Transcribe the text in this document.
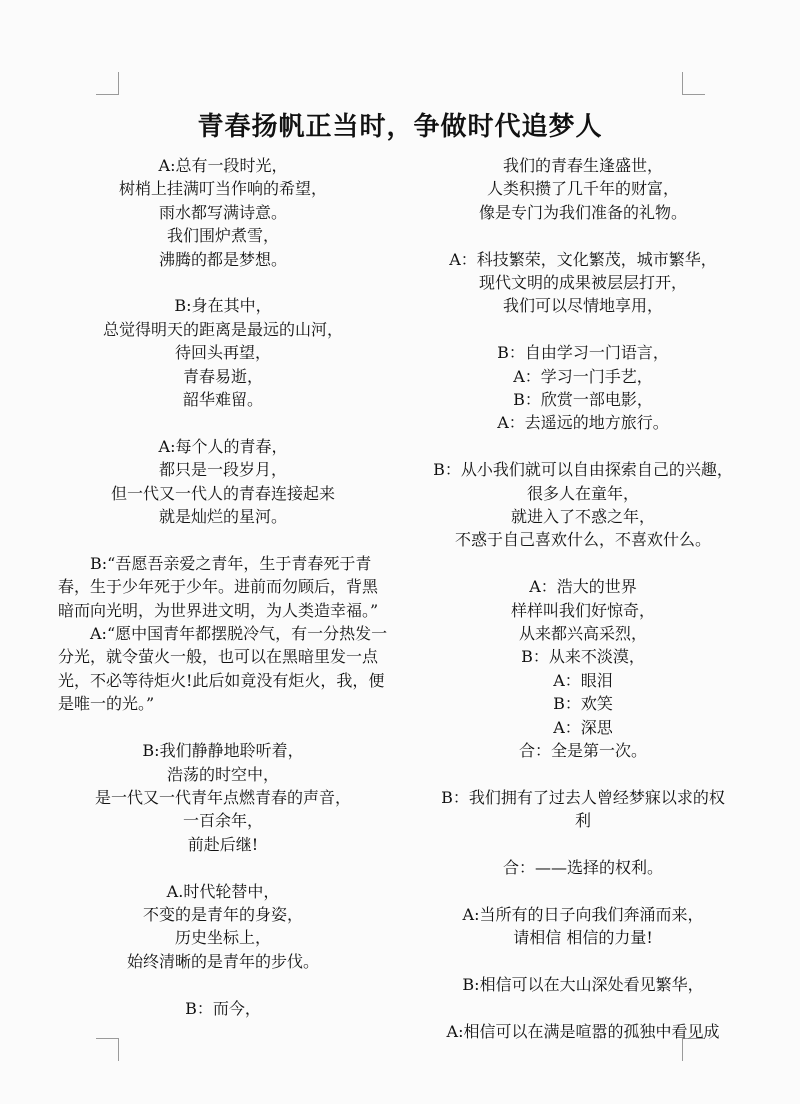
青春扬帆正当时，争做时代追梦人
A:总有一段时光，
树梢上挂满叮当作响的希望，
雨水都写满诗意。
我们围炉煮雪，
沸腾的都是梦想。
B:身在其中，
总觉得明天的距离是最远的山河，
待回头再望，
青春易逝，
韶华难留。
A:每个人的青春，
都只是一段岁月，
但一代又一代人的青春连接起来
就是灿烂的星河。

B:“吾愿吾亲爱之青年，生于青春死于青春，生于少年死于少年。进前而勿顾后，背黑暗而向光明，为世界进文明，为人类造幸福。”

A:“愿中国青年都摆脱冷气，有一分热发一分光，就令萤火一般，也可以在黑暗里发一点光，不必等待炬火!此后如竟没有炬火，我，便是唯一的光。”

B:我们静静地聆听着，
浩荡的时空中，
是一代又一代青年点燃青春的声音，
一百余年，
前赴后继!
A.时代轮替中，
不变的是青年的身姿，
历史坐标上，
始终清晰的是青年的步伐。
B：而今，
我们的青春生逢盛世，
人类积攒了几千年的财富，
像是专门为我们准备的礼物。
A：科技繁荣，文化繁茂，城市繁华，
现代文明的成果被层层打开，
我们可以尽情地享用，
B：自由学习一门语言，
A：学习一门手艺，
B：欣赏一部电影，
A：去遥远的地方旅行。
B：从小我们就可以自由探索自己的兴趣，
很多人在童年，
就进入了不惑之年，
不惑于自己喜欢什么，不喜欢什么。
A：浩大的世界
样样叫我们好惊奇，
从来都兴高采烈，
B：从来不淡漠，
A：眼泪
B：欢笑
A：深思
合：全是第一次。
B：我们拥有了过去人曾经梦寐以求的权
利
合：——选择的权利。
A:当所有的日子向我们奔涌而来，
请相信 相信的力量!
B:相信可以在大山深处看见繁华，
A:相信可以在满是喧嚣的孤独中看见成
